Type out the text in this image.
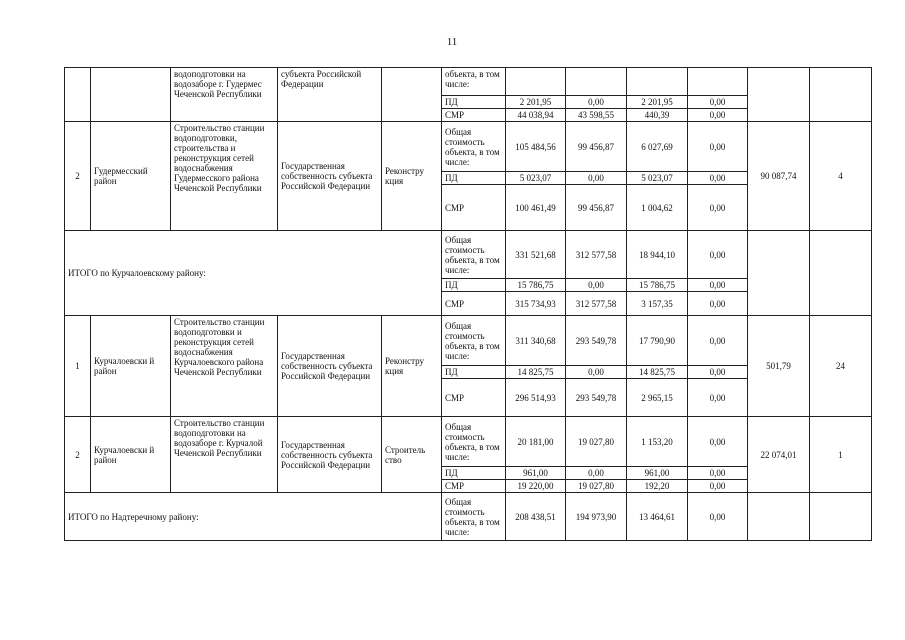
11
		водоподготовки на водозаборе г. Гудермес Чеченской Республики	субъекта Российской Федерации		объекта, в том числе:						
					ПД	2 201,95	0,00	2 201,95	0,00		
					СМР	44 038,94	43 598,55	440,39	0,00		
2	Гудермесский район	Строительство станции водоподготовки, строительства и реконструкция сетей водоснабжения Гудермесского района Чеченской Республики	Государственная собственность субъекта Российской Федерации	Реконстру кция	Общая стоимость объекта, в том числе:	105 484,56	99 456,87	6 027,69	0,00	90 087,74	4
					ПД	5 023,07	0,00	5 023,07	0,00		
					СМР	100 461,49	99 456,87	1 004,62	0,00		
ИТОГО по Курчалоевскому району:					Общая стоимость объекта, в том числе:	331 521,68	312 577,58	18 944,10	0,00		
					ПД	15 786,75	0,00	15 786,75	0,00		
					СМР	315 734,93	312 577,58	3 157,35	0,00		
1	Курчалоевски й район	Строительство станции водоподготовки и реконструкция сетей водоснабжения Курчалоевского района Чеченской Республики	Государственная собственность субъекта Российской Федерации	Реконстру кция	Общая стоимость объекта, в том числе:	311 340,68	293 549,78	17 790,90	0,00	501,79	24
					ПД	14 825,75	0,00	14 825,75	0,00		
					СМР	296 514,93	293 549,78	2 965,15	0,00		
2	Курчалоевски й район	Строительство станции водоподготовки на водозаборе г. Курчалой Чеченской Республики	Государственная собственность субъекта Российской Федерации	Строитель ство	Общая стоимость объекта, в том числе:	20 181,00	19 027,80	1 153,20	0,00	22 074,01	1
					ПД	961,00	0,00	961,00	0,00		
					СМР	19 220,00	19 027,80	192,20	0,00		
ИТОГО по Надтеречному району:					Общая стоимость объекта, в том числе:	208 438,51	194 973,90	13 464,61	0,00		
